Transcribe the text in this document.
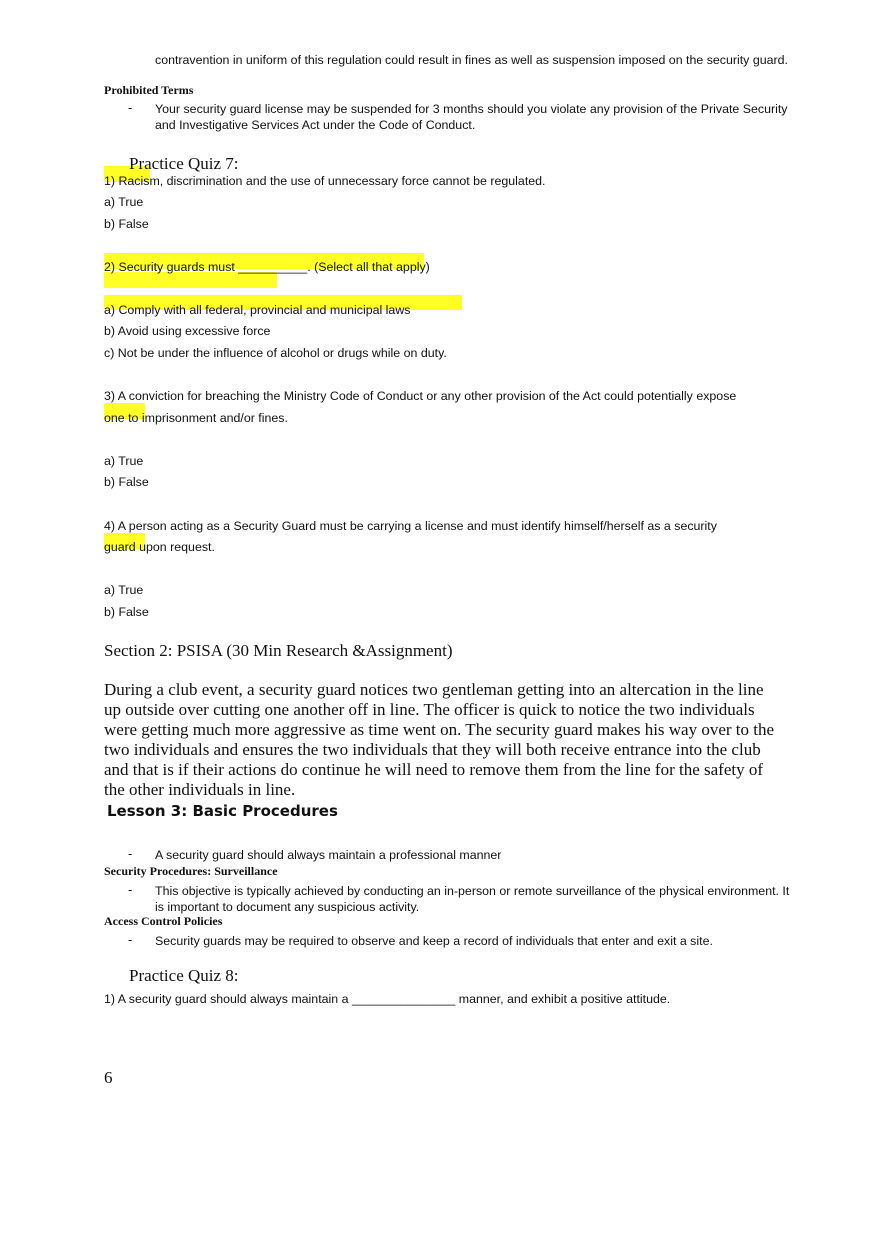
contravention in uniform of this regulation could result in fines as well as suspension imposed on the security guard.
Prohibited Terms
- Your security guard license may be suspended for 3 months should you violate any provision of the Private Security and Investigative Services Act under the Code of Conduct.
Practice Quiz 7:
1) Racism, discrimination and the use of unnecessary force cannot be regulated.
a) True
b) False
2) Security guards must __________. (Select all that apply)
a) Comply with all federal, provincial and municipal laws
b) Avoid using excessive force
c) Not be under the influence of alcohol or drugs while on duty.
3) A conviction for breaching the Ministry Code of Conduct or any other provision of the Act could potentially expose
one to imprisonment and/or fines.
a) True
b) False
4) A person acting as a Security Guard must be carrying a license and must identify himself/herself as a security
guard upon request.
a) True
b) False
Section 2: PSISA (30 Min Research &Assignment)
During a club event, a security guard notices two gentleman getting into an altercation in the line up outside over cutting one another off in line. The officer is quick to notice the two individuals were getting much more aggressive as time went on. The security guard makes his way over to the two individuals and ensures the two individuals that they will both receive entrance into the club and that is if their actions do continue he will need to remove them from the line for the safety of the other individuals in line.
Lesson 3: Basic Procedures
- A security guard should always maintain a professional manner
Security Procedures: Surveillance
- This objective is typically achieved by conducting an in-person or remote surveillance of the physical environment. It is important to document any suspicious activity.
Access Control Policies
- Security guards may be required to observe and keep a record of individuals that enter and exit a site.
Practice Quiz 8:
1) A security guard should always maintain a _______________ manner, and exhibit a positive attitude.
6
